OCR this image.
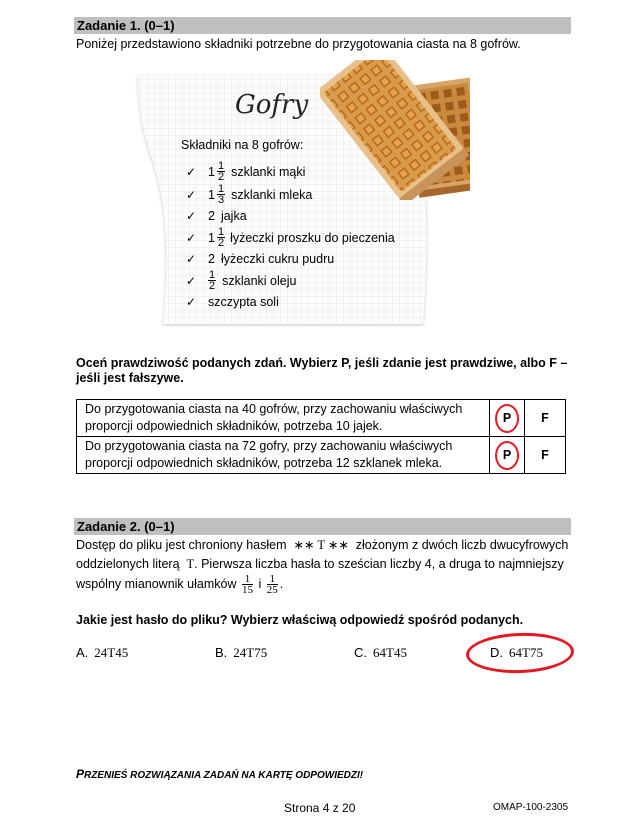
Zadanie 1. (0–1)
Poniżej przedstawiono składniki potrzebne do przygotowania ciasta na 8 gofrów.
Gofry
Składniki na 8 gofrów:
✓ $1 \frac{1}{2}$ szklanki mąki
✓ $1 \frac{1}{3}$ szklanki mleka
✓ 2 jajka
✓ $1 \frac{1}{2}$ łyżeczki proszku do pieczenia
✓ 2 łyżeczki cukru pudru
✓	$\frac{1}{2}$ szklanki oleju
✓ szczypta soli
Oceń prawdziwość podanych zdań. Wybierz P, jeśli zdanie jest prawdziwe, albo F –
jeśli jest fałszywe.
Do przygotowania ciasta na 40 gofrów, przy zachowaniu właściwych
proporcji odpowiednich składników, potrzeba 10 jajek.	P	F

Do przygotowania ciasta na 72 gofry, przy zachowaniu właściwych
proporcji odpowiednich składników, potrzeba 12 szklanek mleka.	P	F
Zadanie 2. (0–1)
Dostęp do pliku jest chroniony hasłem ∗∗ T ∗∗ złożonym z dwóch liczb dwucyfrowych
oddzielonych literą T. Pierwsza liczba hasła to sześcian liczby 4, a druga to najmniejszy
wspólny mianownik ułamków $\frac{1}{15}$ i $\frac{1}{25}$ .
Jakie jest hasło do pliku? Wybierz właściwą odpowiedź spośród podanych.
A. 24T45	B. 24T75	C. 64T45	D. 64T75
PRZENIEŚ ROZWIĄZANIA ZADAŃ NA KARTĘ ODPOWIEDZI!
Strona 4 z 20	OMAP-100-2305
